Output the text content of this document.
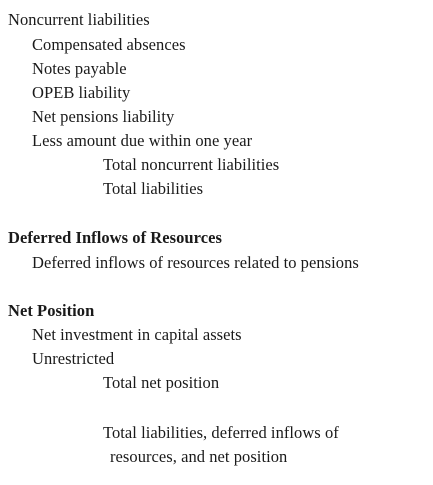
Noncurrent liabilities
Compensated absences
Notes payable
OPEB liability
Net pensions liability
Less amount due within one year
Total noncurrent liabilities
Total liabilities
Deferred Inflows of Resources
Deferred inflows of resources related to pensions
Net Position
Net investment in capital assets
Unrestricted
Total net position
Total liabilities, deferred inflows of
resources, and net position
